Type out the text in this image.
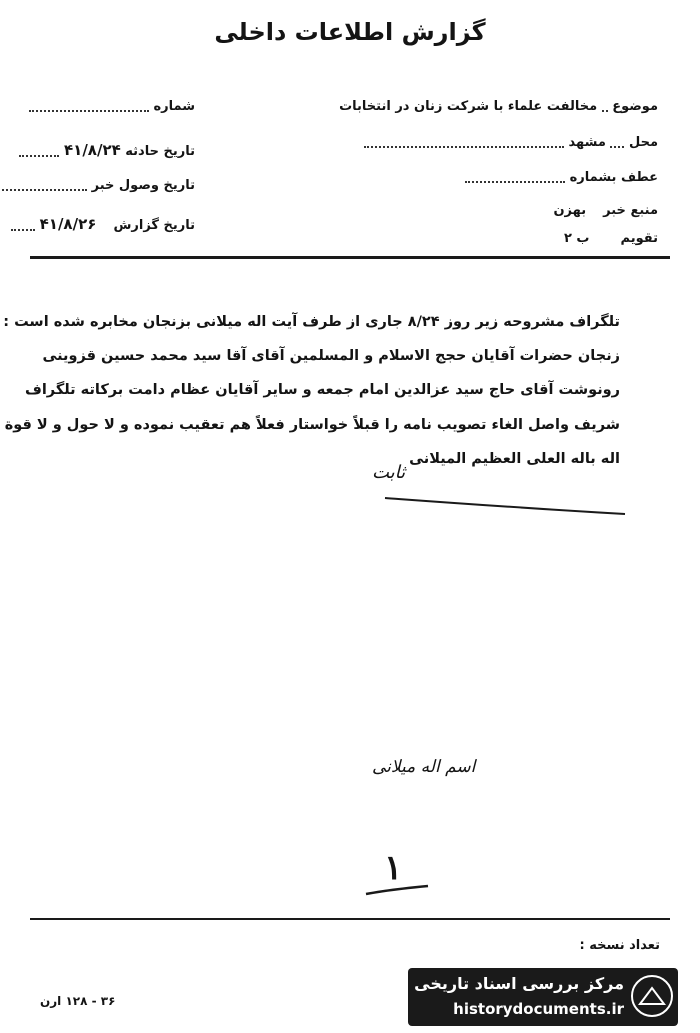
گزارش اطلاعات داخلی
موضوع  مخالفت علماء با شرکت زنان در انتخابات
محل  مشهد
عطف بشماره
منبع خبر  بهزن
تقویم  ب ۲
شماره
تاریخ حادثه ۴۱/۸/۲۴
تاریخ وصول خبر
تاریخ گزارش  ۴۱/۸/۲۶
تلگراف مشروحه زیر روز ۸/۲۴ جاری از طرف آیت اله میلانی بزنجان مخابره شده است :
زنجان حضرات آقایان حجج الاسلام و المسلمین آقای آقا سید محمد حسین قزوینی
رونوشت آقای حاج سید عزالدین امام جمعه و سایر آقایان عظام دامت برکاته تلگراف
شریف واصل الغاء تصویب نامه را قبلاً خواستار فعلاً هم تعقیب نموده و لا حول و لا قوة
اله باله العلی العظیم الميلانی
ثابت
اسم اله میلانی
۱
تعداد نسخه :
۳۶ - ۱۲۸ ارن
مرکز بررسی اسناد تاریخی
historydocuments.ir
